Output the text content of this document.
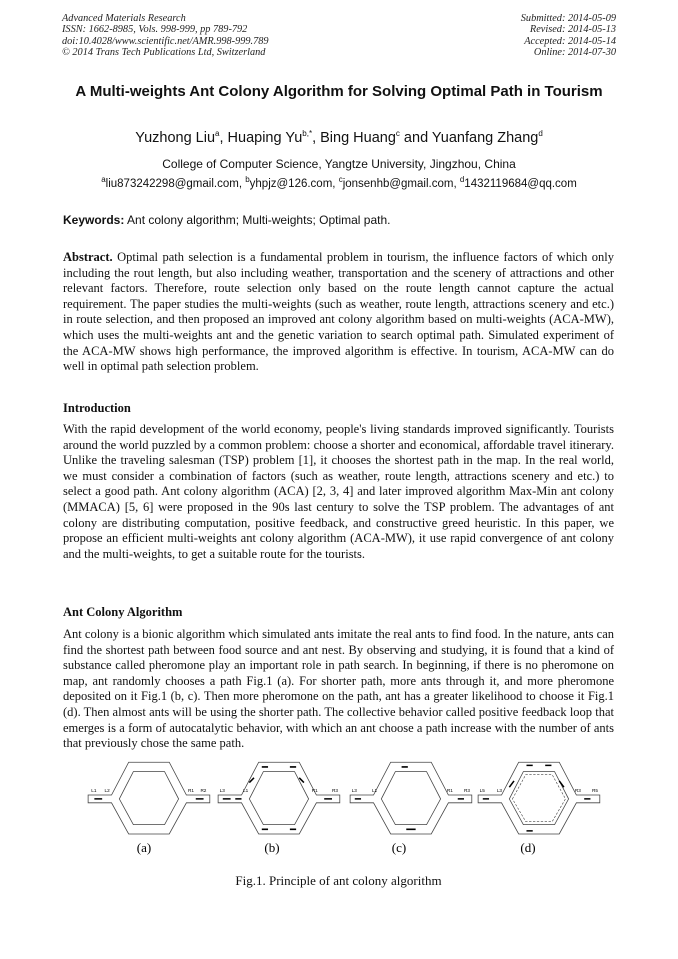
Advanced Materials Research
ISSN: 1662-8985, Vols. 998-999, pp 789-792
doi:10.4028/www.scientific.net/AMR.998-999.789
© 2014 Trans Tech Publications Ltd, Switzerland
Submitted: 2014-05-09
Revised: 2014-05-13
Accepted: 2014-05-14
Online: 2014-07-30
A Multi-weights Ant Colony Algorithm for Solving Optimal Path in Tourism
Yuzhong Liu$^a$, Huaping $Yu^{b,*}$, Bing Huang$^c$ and Yuanfang Zhang$^d$
College of Computer Science, Yangtze University, Jingzhou, China
$^a$liu873242298@gmail.com, $^b$yhpjz@126.com, $^c$jonsenhb@gmail.com, $^d$1432119684@qq.com
Keywords: Ant colony algorithm; Multi-weights; Optimal path.
Abstract. Optimal path selection is a fundamental problem in tourism, the influence factors of which only including the rout length, but also including weather, transportation and the scenery of attractions and other relevant factors. Therefore, route selection only based on the route length cannot capture the actual requirement. The paper studies the multi-weights (such as weather, route length, attractions scenery and etc.) in route selection, and then proposed an improved ant colony algorithm based on multi-weights (ACA-MW), which uses the multi-weights ant and the genetic variation to search optimal path. Simulated experiment of the ACA-MW shows high performance, the improved algorithm is effective. In tourism, ACA-MW can do well in optimal path selection problem.
Introduction
With the rapid development of the world economy, people's living standards improved significantly. Tourists around the world puzzled by a common problem: choose a shorter and economical, affordable travel itinerary. Unlike the traveling salesman (TSP) problem [1], it chooses the shortest path in the map. In the real world, we must consider a combination of factors (such as weather, route length, attractions scenery and etc.) to select a good path. Ant colony algorithm (ACA) [2, 3, 4] and later improved algorithm Max-Min ant colony (MMACA) [5, 6] were proposed in the 90s last century to solve the TSP problem. The advantages of ant colony are distributing computation, positive feedback, and constructive greed heuristic. In this paper, we propose an efficient multi-weights ant colony algorithm (ACA-MW), it use rapid convergence of ant colony and the multi-weights, to get a suitable route for the tourists.
Ant Colony Algorithm
Ant colony is a bionic algorithm which simulated ants imitate the real ants to find food. In the nature, ants can find the shortest path between food source and ant nest. By observing and studying, it is found that a kind of substance called pheromone play an important role in path search. In beginning, if there is no pheromone on map, ant randomly chooses a path Fig.1 (a). For shorter path, more ants through it, and more pheromone deposited on it Fig.1 (b, c). Then more pheromone on the path, ant has a greater likelihood to choose it Fig.1 (d). Then almost ants will be using the shorter path. The collective behavior called positive feedback loop that emerges is a form of autocatalytic behavior, with which an ant choose a path increase with the number of ants that previously chose the same path.
L1 L2	R1 R2 L3	L1	R1 R3 L3	L1	R1 R3 L5 L3	R3 R5
(a)	(b)	(c)	(d)
Fig.1. Principle of ant colony algorithm
